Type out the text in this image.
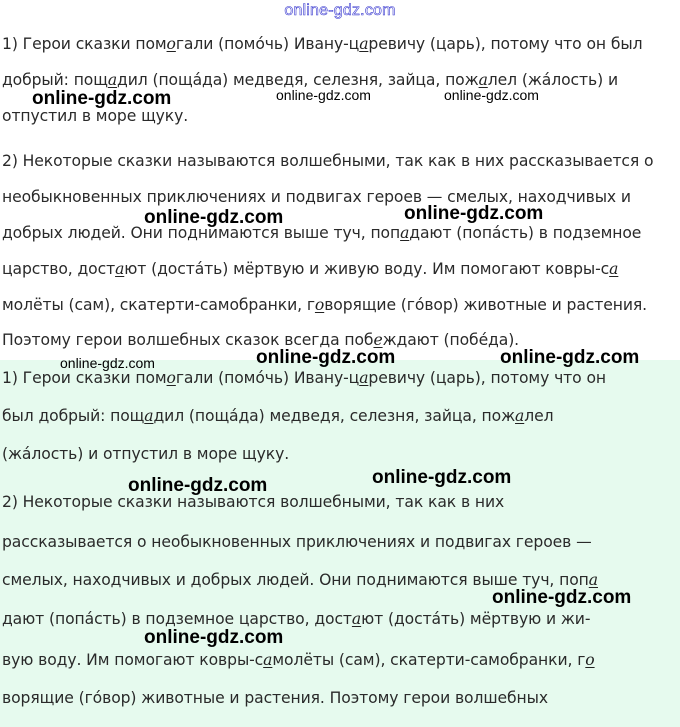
online-gdz.com
1) Герои сказки помогали (помо́чь) Ивану-царевичу (царь), потому что он был
добрый: пощадил (поща́да) медведя, селезня, зайца, пожалел (жа́лость) и
отпустил в море щуку.
2) Некоторые сказки называются волшебными, так как в них рассказывается о
необыкновенных приключениях и подвигах героев — смелых, находчивых и
добрых людей. Они поднимаются выше туч, попадают (попа́сть) в подземное
царство, достают (доста́ть) мёртвую и живую воду. Им помогают ковры-са
молёты (сам), скатерти-самобранки, говорящие (го́вор) животные и растения.
Поэтому герои волшебных сказок всегда побеждают (побе́да).
1) Герои сказки помогали (помо́чь) Ивану-царевичу (царь), потому что он
был добрый: пощадил (поща́да) медведя, селезня, зайца, пожалел
(жа́лость) и отпустил в море щуку.
2) Некоторые сказки называются волшебными, так как в них
рассказывается о необыкновенных приключениях и подвигах героев —
смелых, находчивых и добрых людей. Они поднимаются выше туч, попа
дают (попа́сть) в подземное царство, достают (доста́ть) мёртвую и жи-
вую воду. Им помогают ковры-самолёты (сам), скатерти-самобранки, го
ворящие (го́вор) животные и растения. Поэтому герои волшебных
online-gdz.com	online-gdz.com	online-gdz.com
online-gdz.com	online-gdz.com
online-gdz.com	online-gdz.com	online-gdz.com
online-gdz.com
online-gdz.com
online-gdz.com
online-gdz.com
